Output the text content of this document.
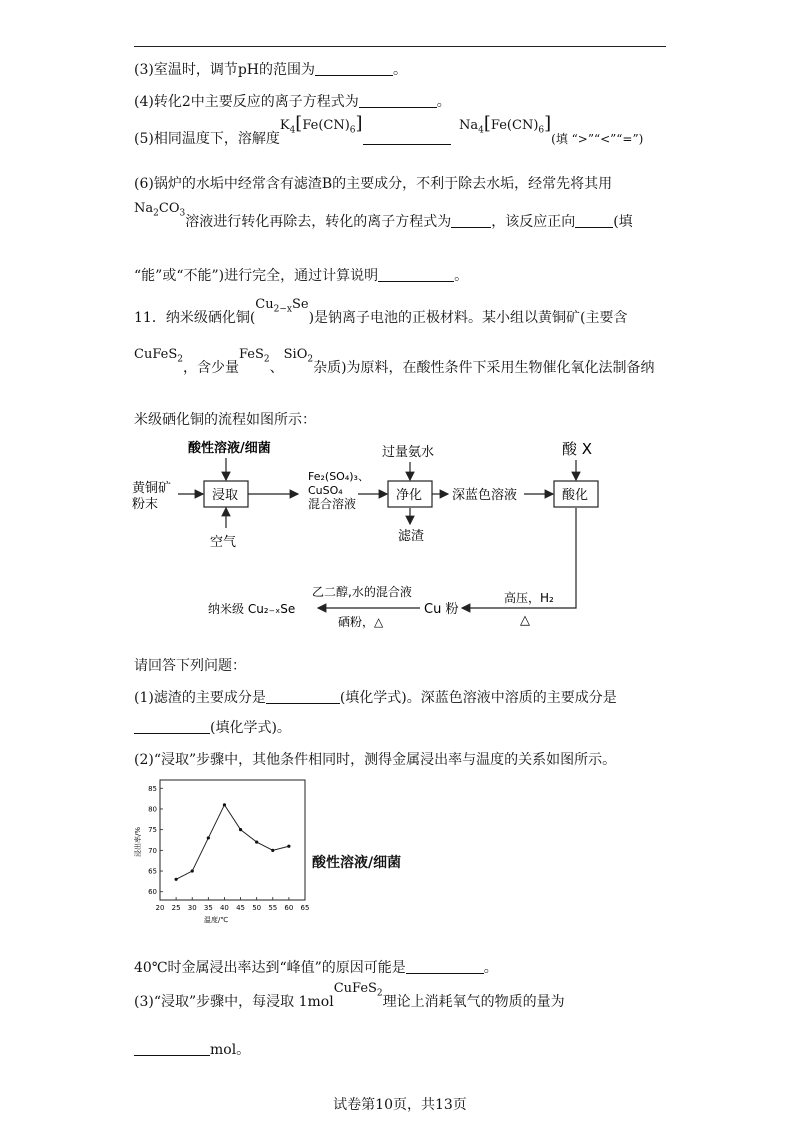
(3)室温时，调节pH的范围为	。
(4)转化2中主要反应的离子方程式为	。
(5)相同温度下，溶解度$K_4[Fe(CN)_6]$	$Na_4[Fe(CN)_6]$(填 “>”“<”“=”)
(6)锅炉的水垢中经常含有滤渣B的主要成分，不利于除去水垢，经常先将其用
$Na_2CO_3$溶液进行转化再除去，转化的离子方程式为	，该反应正向	(填
“能”或“不能”)进行完全，通过计算说明	。
11．纳米级硒化铜$(Cu_{2-x}Se)$是钠离子电池的正极材料。某小组以黄铜矿(主要含
CuFeS$_2$，含少量FeS$_2$、SiO$_2$杂质)为原料，在酸性条件下采用生物催化氧化法制备纳
米级硒化铜的流程如图所示：
酸性溶液/细菌
黄铜矿
粉末
浸取
空气
Fe₂(SO₄)₃、
CuSO₄
混合溶液
过量氨水
净化
滤渣
深蓝色溶液
酸 X
酸化
高压，H₂
△
Cu 粉
乙二醇,水的混合液
硒粉，△
纳米级 Cu₂₋ₓSe
请回答下列问题：
(1)滤渣的主要成分是	(填化学式)。深蓝色溶液中溶质的主要成分是
(填化学式)。
(2)“浸取”步骤中，其他条件相同时，测得金属浸出率与温度的关系如图所示。
20 25 30 35 40 45 50 55 60 65
60
65
70
75
80
85
温度/℃
浸出率/%
酸性溶液/细菌
40℃时金属浸出率达到“峰值”的原因可能是	。
(3)“浸取”步骤中，每浸取 1molCuFeS$_2$理论上消耗氧气的物质的量为
mol。
试卷第10页，共13页
